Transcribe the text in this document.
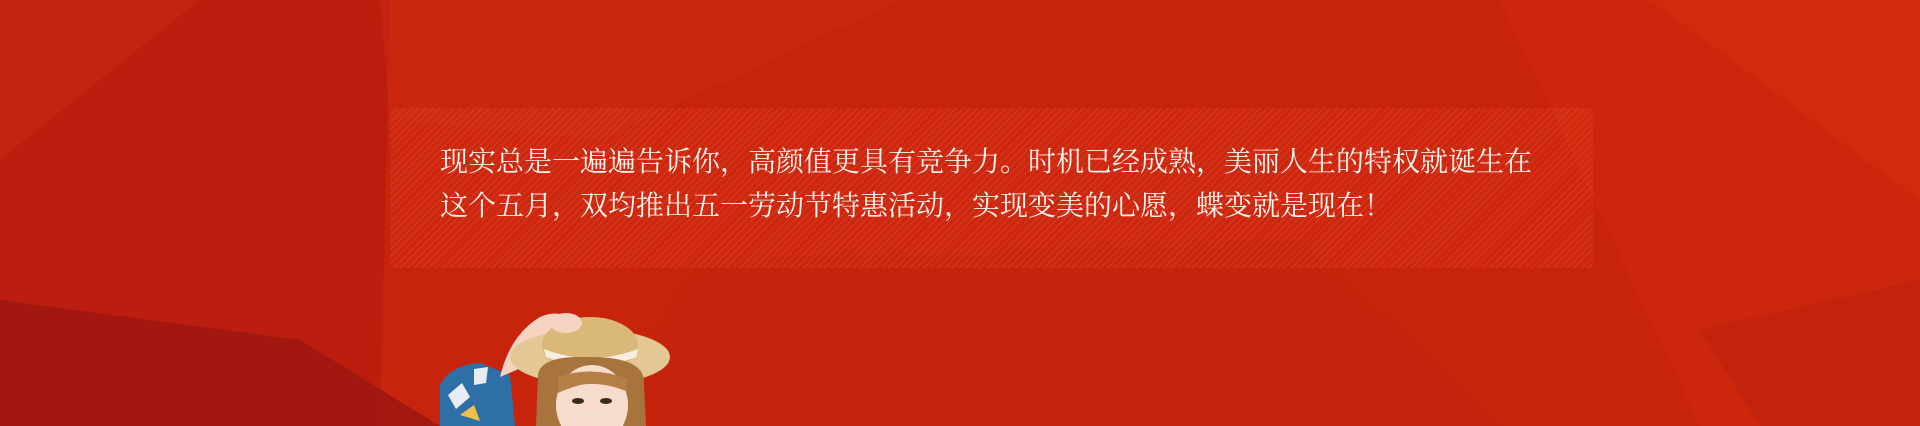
现实总是一遍遍告诉你，高颜值更具有竞争力。时机已经成熟，美丽人生的特权就诞生在这个五月，双均推出五一劳动节特惠活动，实现变美的心愿，蝶变就是现在！
